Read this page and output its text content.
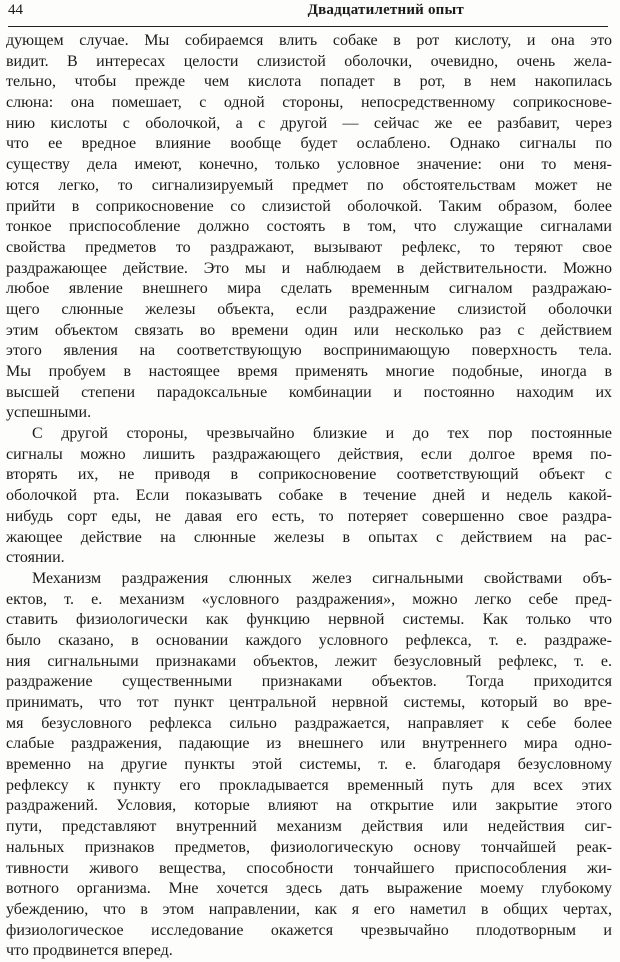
44	Двадцатилетний опыт
дующем случае. Мы собираемся влить собаке в рот кислоту, и она это
видит. В интересах целости слизистой оболочки, очевидно, очень жела-
тельно, чтобы прежде чем кислота попадет в рот, в нем накопилась
слюна: она помешает, с одной стороны, непосредственному соприкоснове-
нию кислоты с оболочкой, а с другой — сейчас же ее разбавит, через
что ее вредное влияние вообще будет ослаблено. Однако сигналы по
существу дела имеют, конечно, только условное значение: они то меня-
ются легко, то сигнализируемый предмет по обстоятельствам может не
прийти в соприкосновение со слизистой оболочкой. Таким образом, более
тонкое приспособление должно состоять в том, что служащие сигналами
свойства предметов то раздражают, вызывают рефлекс, то теряют свое
раздражающее действие. Это мы и наблюдаем в действительности. Можно
любое явление внешнего мира сделать временным сигналом раздражаю-
щего слюнные железы объекта, если раздражение слизистой оболочки
этим объектом связать во времени один или несколько раз с действием
этого явления на соответствующую воспринимающую поверхность тела.
Мы пробуем в настоящее время применять многие подобные, иногда в
высшей степени парадоксальные комбинации и постоянно находим их
успешными.
С другой стороны, чрезвычайно близкие и до тех пор постоянные
сигналы можно лишить раздражающего действия, если долгое время по-
вторять их, не приводя в соприкосновение соответствующий объект с
оболочкой рта. Если показывать собаке в течение дней и недель какой-
нибудь сорт еды, не давая его есть, то потеряет совершенно свое раздра-
жающее действие на слюнные железы в опытах с действием на рас-
стоянии.
Механизм раздражения слюнных желез сигнальными свойствами объ-
ектов, т. е. механизм «условного раздражения», можно легко себе пред-
ставить физиологически как функцию нервной системы. Как только что
было сказано, в основании каждого условного рефлекса, т. е. раздраже-
ния сигнальными признаками объектов, лежит безусловный рефлекс, т. е.
раздражение существенными признаками объектов. Тогда приходится
принимать, что тот пункт центральной нервной системы, который во вре-
мя безусловного рефлекса сильно раздражается, направляет к себе более
слабые раздражения, падающие из внешнего или внутреннего мира одно-
временно на другие пункты этой системы, т. е. благодаря безусловному
рефлексу к пункту его прокладывается временный путь для всех этих
раздражений. Условия, которые влияют на открытие или закрытие этого
пути, представляют внутренний механизм действия или недействия сиг-
нальных признаков предметов, физиологическую основу тончайшей реак-
тивности живого вещества, способности тончайшего приспособления жи-
вотного организма. Мне хочется здесь дать выражение моему глубокому
убеждению, что в этом направлении, как я его наметил в общих чертах,
физиологическое исследование окажется чрезвычайно плодотворным и
что продвинется вперед.
